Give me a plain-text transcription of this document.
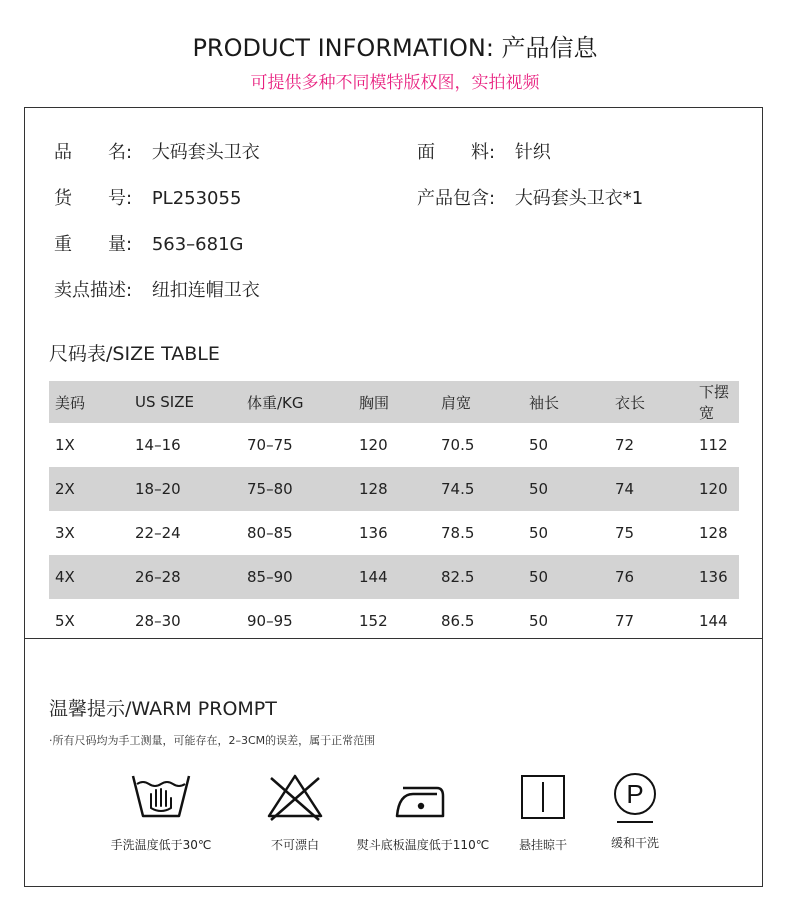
PRODUCT INFORMATION: 产品信息
可提供多种不同模特版权图，实拍视频
品　　名: 大码套头卫衣	面　　料: 针织
货　　号: PL253055	产品包含: 大码套头卫衣*1
重　　量: 563–681G
卖点描述: 纽扣连帽卫衣
尺码表/SIZE TABLE
美码	US SIZE	体重/KG	胸围	肩宽	袖长	衣长	下摆宽
1X	14–16	70–75	120	70.5	50	72	112
2X	18–20	75–80	128	74.5	50	74	120
3X	22–24	80–85	136	78.5	50	75	128
4X	26–28	85–90	144	82.5	50	76	136
5X	28–30	90–95	152	86.5	50	77	144
温馨提示/WARM PROMPT
·所有尺码均为手工测量，可能存在，2–3CM的误差，属于正常范围
手洗温度低于30℃	不可漂白	熨斗底板温度低于110℃	悬挂晾干
P
缓和干洗
